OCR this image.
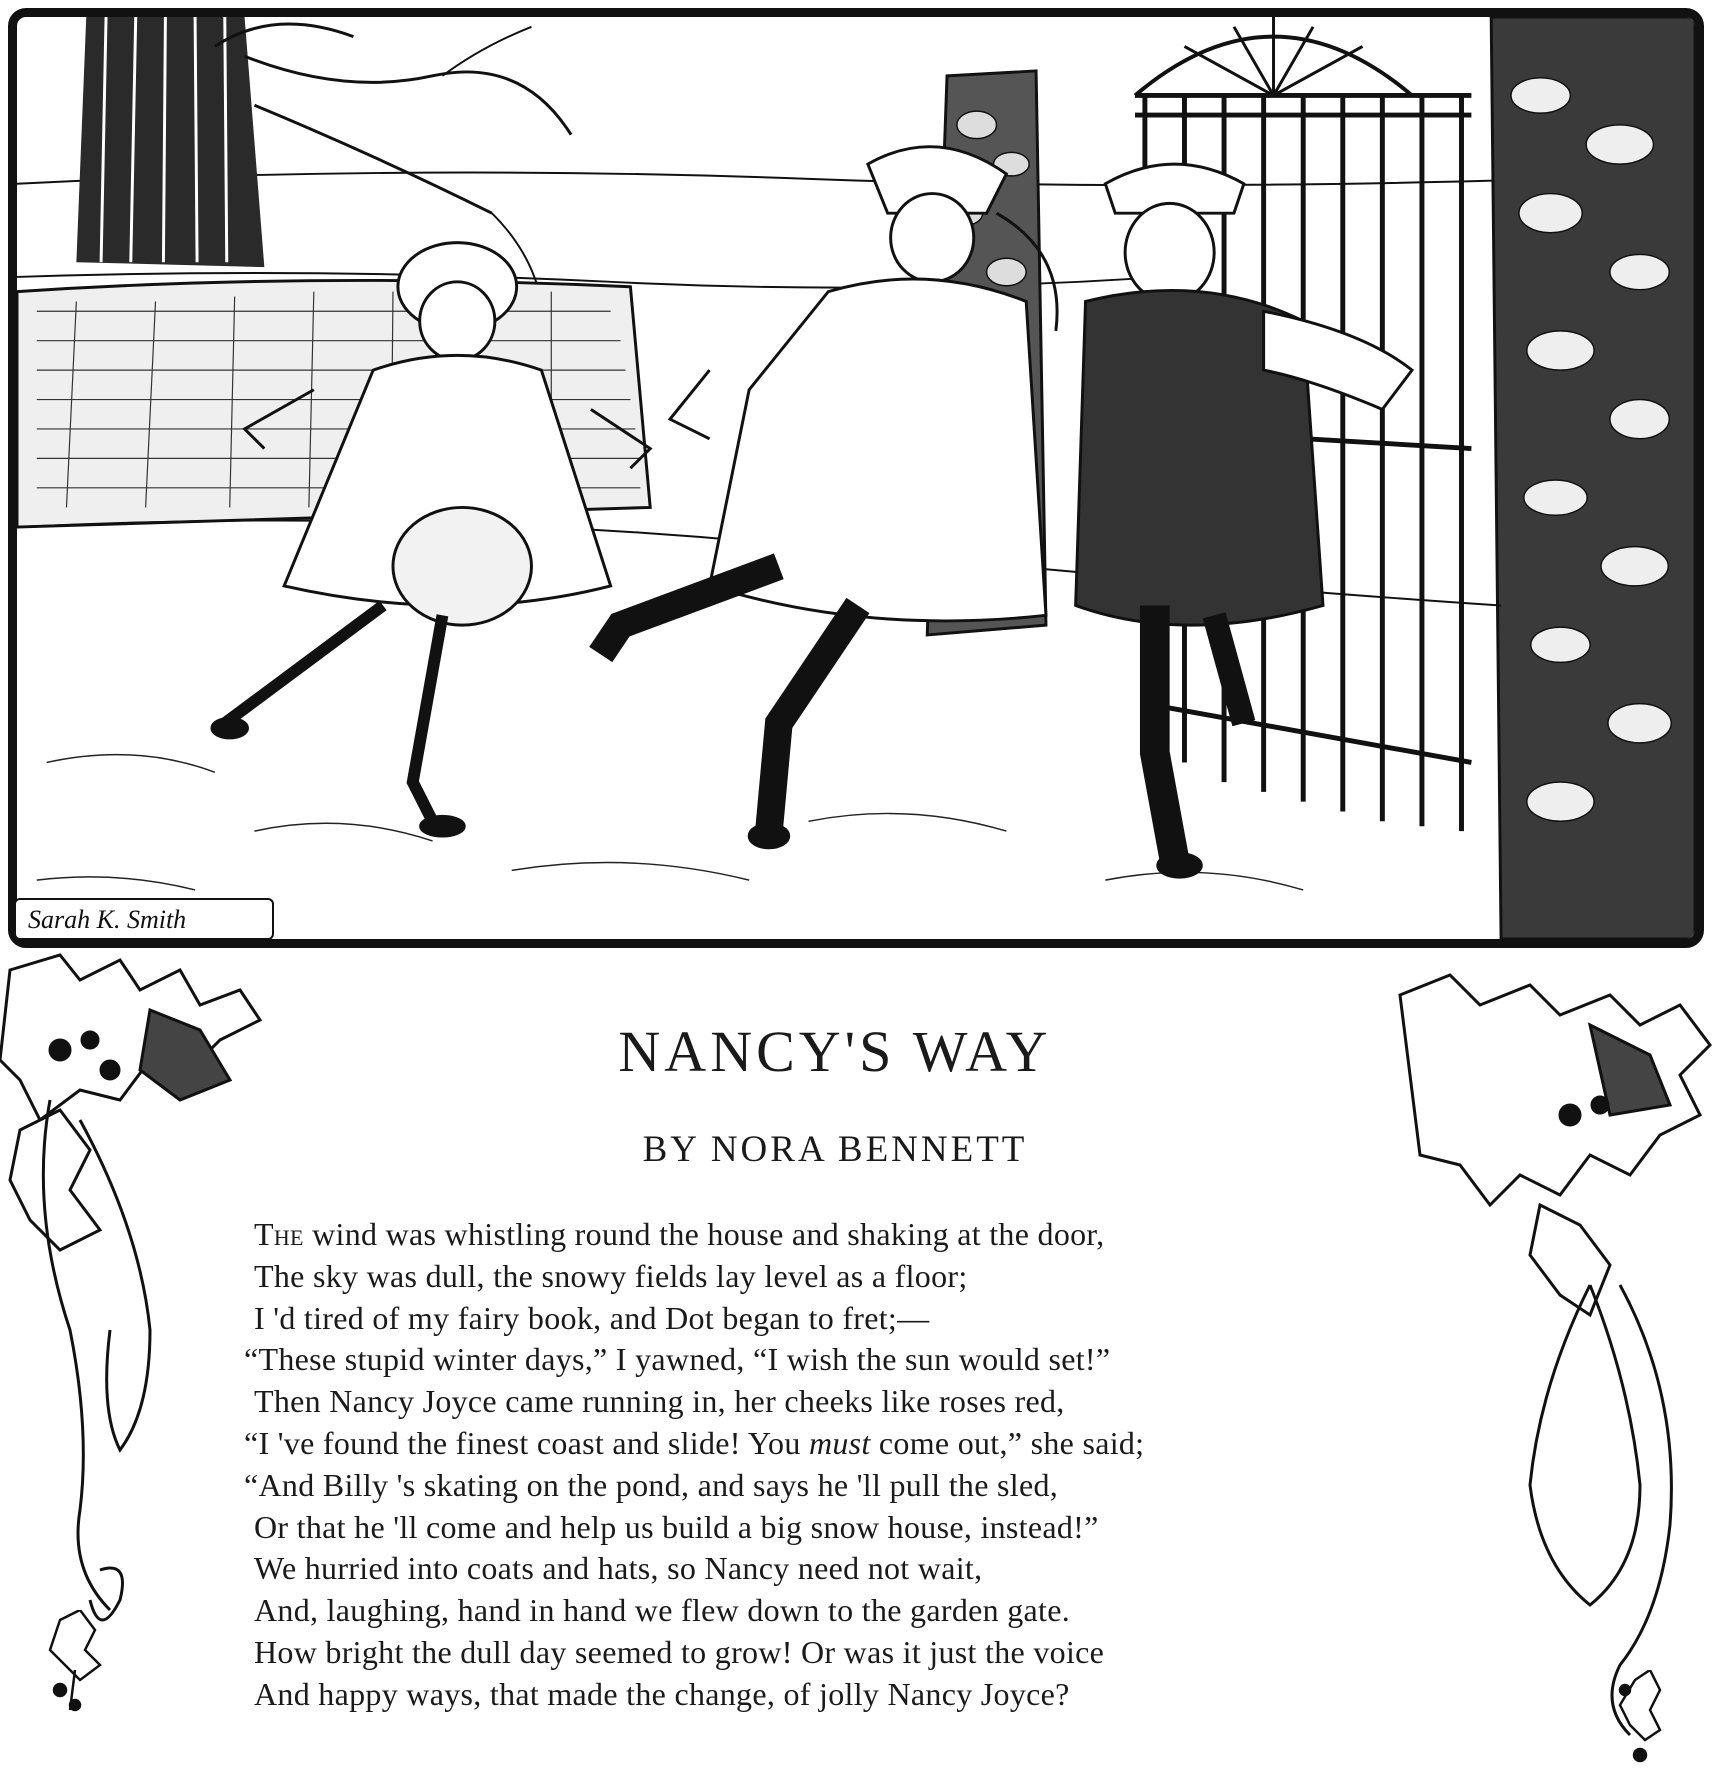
Sarah K. Smith
NANCY'S WAY

BY NORA BENNETT

The wind was whistling round the house and shaking at the door,
The sky was dull, the snowy fields lay level as a floor;
I 'd tired of my fairy book, and Dot began to fret;—
“These stupid winter days,” I yawned, “I wish the sun would set!”
Then Nancy Joyce came running in, her cheeks like roses red,
“I 've found the finest coast and slide! You must come out,” she said;
“And Billy 's skating on the pond, and says he 'll pull the sled,
Or that he 'll come and help us build a big snow house, instead!”
We hurried into coats and hats, so Nancy need not wait,
And, laughing, hand in hand we flew down to the garden gate.
How bright the dull day seemed to grow! Or was it just the voice
And happy ways, that made the change, of jolly Nancy Joyce?
